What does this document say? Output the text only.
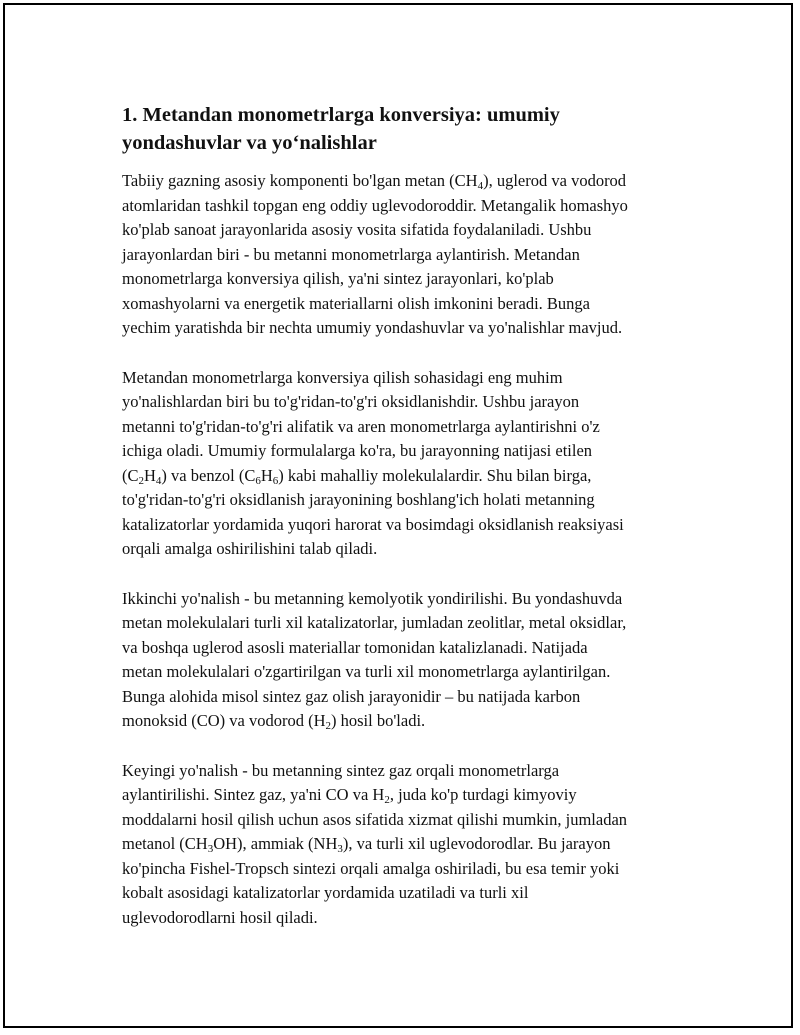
1. Metandan monometrlarga konversiya: umumiy
yondashuvlar va yo‘nalishlar

Tabiiy gazning asosiy komponenti bo'lgan metan $(CH_4)$, uglerod va vodorod
atomlaridan tashkil topgan eng oddiy uglevodoroddir. Metangalik homashyo
ko'plab sanoat jarayonlarida asosiy vosita sifatida foydalaniladi. Ushbu
jarayonlardan biri - bu metanni monometrlarga aylantirish. Metandan
monometrlarga konversiya qilish, ya'ni sintez jarayonlari, ko'plab
xomashyolarni va energetik materiallarni olish imkonini beradi. Bunga
yechim yaratishda bir nechta umumiy yondashuvlar va yo'nalishlar mavjud.

Metandan monometrlarga konversiya qilish sohasidagi eng muhim
yo'nalishlardan biri bu to'g'ridan-to'g'ri oksidlanishdir. Ushbu jarayon
metanni to'g'ridan-to'g'ri alifatik va aren monometrlarga aylantirishni o'z
ichiga oladi. Umumiy formulalarga ko'ra, bu jarayonning natijasi etilen
$(C_2H_4)$ va benzol $(C_6H_6)$ kabi mahalliy molekulalardir. Shu bilan birga,
to'g'ridan-to'g'ri oksidlanish jarayonining boshlang'ich holati metanning
katalizatorlar yordamida yuqori harorat va bosimdagi oksidlanish reaksiyasi
orqali amalga oshirilishini talab qiladi.

Ikkinchi yo'nalish - bu metanning kemolyotik yondirilishi. Bu yondashuvda
metan molekulalari turli xil katalizatorlar, jumladan zeolitlar, metal oksidlar,
va boshqa uglerod asosli materiallar tomonidan katalizlanadi. Natijada
metan molekulalari o'zgartirilgan va turli xil monometrlarga aylantirilgan.
Bunga alohida misol sintez gaz olish jarayonidir – bu natijada karbon
monoksid (CO) va vodorod $(H_2)$ hosil bo'ladi.

Keyingi yo'nalish - bu metanning sintez gaz orqali monometrlarga
aylantirilishi. Sintez gaz, ya'ni CO va $H_2$, juda ko'p turdagi kimyoviy
moddalarni hosil qilish uchun asos sifatida xizmat qilishi mumkin, jumladan
metanol $(CH_3OH)$, ammiak $(NH_3)$, va turli xil uglevodorodlar. Bu jarayon
ko'pincha Fishel-Tropsch sintezi orqali amalga oshiriladi, bu esa temir yoki
kobalt asosidagi katalizatorlar yordamida uzatiladi va turli xil
uglevodorodlarni hosil qiladi.
